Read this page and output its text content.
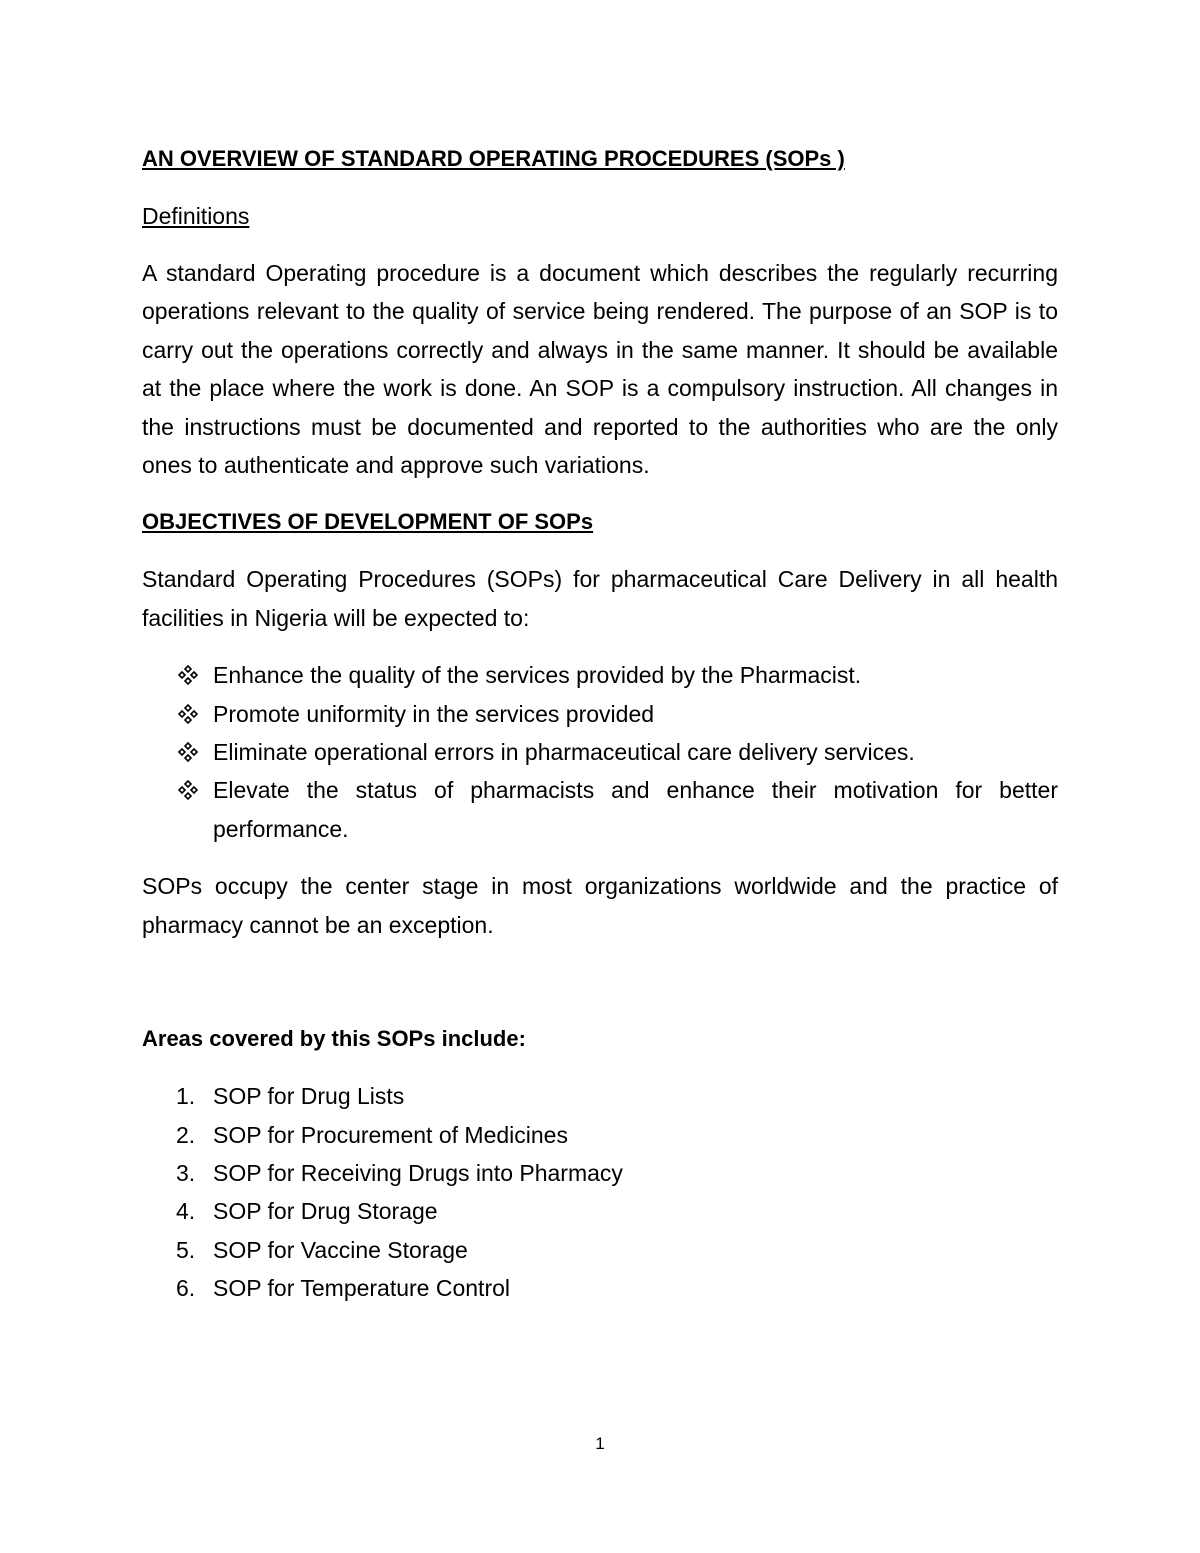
AN OVERVIEW OF STANDARD OPERATING PROCEDURES (SOPs )
Definitions

A standard Operating procedure is a document which describes the regularly recurring operations relevant to the quality of service being rendered. The purpose of an SOP is to carry out the operations correctly and always in the same manner. It should be available at the place where the work is done. An SOP is a compulsory instruction. All changes in the instructions must be documented and reported to the authorities who are the only ones to authenticate and approve such variations.

OBJECTIVES OF DEVELOPMENT OF SOPs

Standard Operating Procedures (SOPs) for pharmaceutical Care Delivery in all health facilities in Nigeria will be expected to:

Enhance the quality of the services provided by the Pharmacist.
Promote uniformity in the services provided
Eliminate operational errors in pharmaceutical care delivery services.
Elevate the status of pharmacists and enhance their motivation for better performance.

SOPs occupy the center stage in most organizations worldwide and the practice of pharmacy cannot be an exception.

Areas covered by this SOPs include:
1. SOP for Drug Lists
2. SOP for Procurement of Medicines
3. SOP for Receiving Drugs into Pharmacy
4. SOP for Drug Storage
5. SOP for Vaccine Storage
6. SOP for Temperature Control
1
